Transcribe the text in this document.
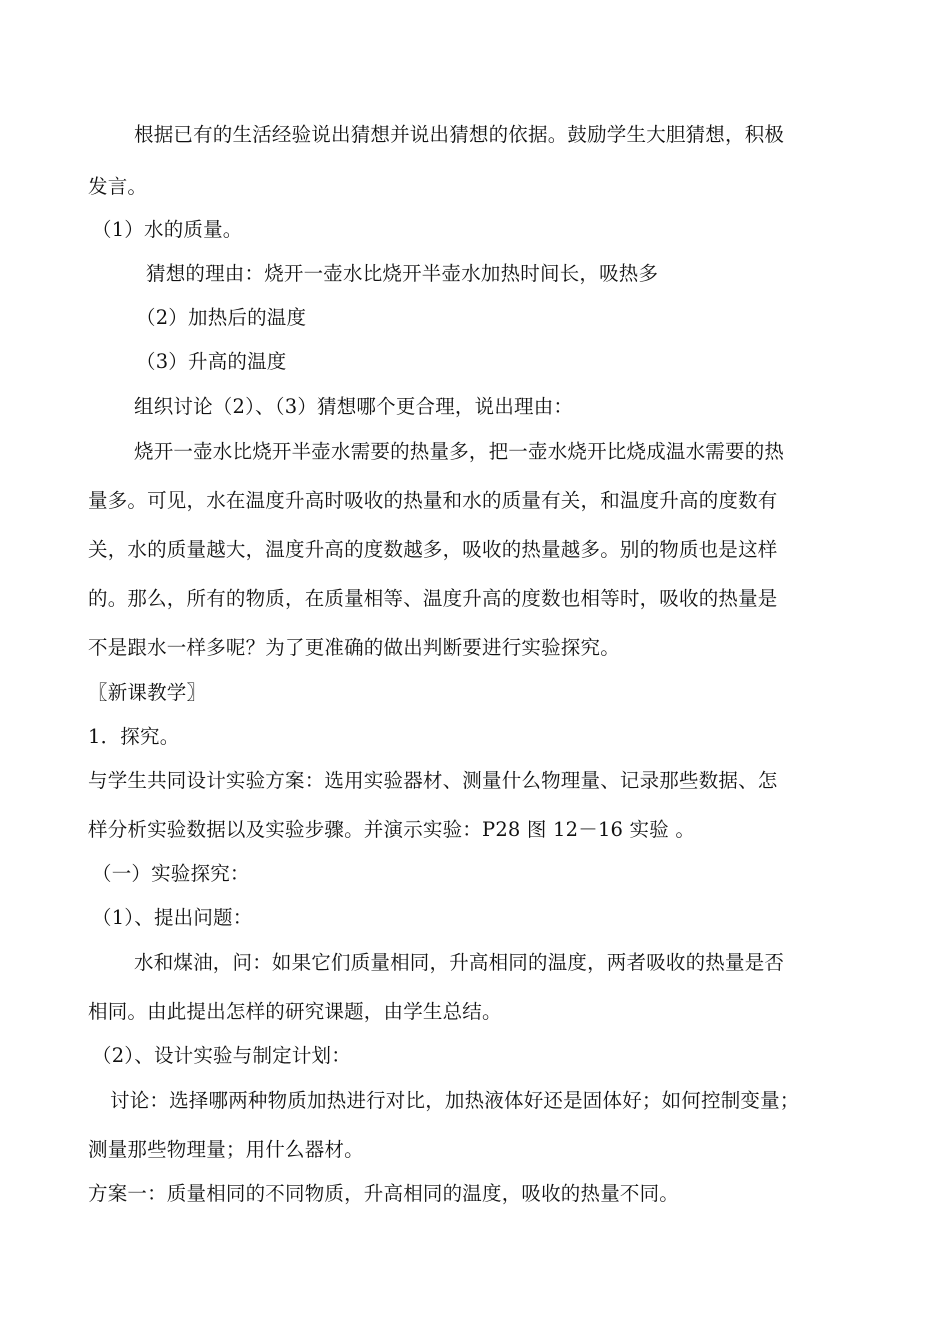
根据已有的生活经验说出猜想并说出猜想的依据。鼓励学生大胆猜想，积极
发言。
（1）水的质量。
猜想的理由：烧开一壶水比烧开半壶水加热时间长，吸热多
（2）加热后的温度
（3）升高的温度
组织讨论（2）、（3）猜想哪个更合理，说出理由：
烧开一壶水比烧开半壶水需要的热量多，把一壶水烧开比烧成温水需要的热
量多。可见，水在温度升高时吸收的热量和水的质量有关，和温度升高的度数有
关，水的质量越大，温度升高的度数越多，吸收的热量越多。别的物质也是这样
的。那么，所有的物质，在质量相等、温度升高的度数也相等时，吸收的热量是
不是跟水一样多呢？为了更准确的做出判断要进行实验探究。
〖新课教学〗
1．探究。
与学生共同设计实验方案：选用实验器材、测量什么物理量、记录那些数据、怎
样分析实验数据以及实验步骤。并演示实验：P28 图 12－16 实验 。
（一）实验探究：
（1）、提出问题：
水和煤油，问：如果它们质量相同，升高相同的温度，两者吸收的热量是否
相同。由此提出怎样的研究课题，由学生总结。
（2）、设计实验与制定计划：
讨论：选择哪两种物质加热进行对比，加热液体好还是固体好；如何控制变量；
测量那些物理量；用什么器材。
方案一：质量相同的不同物质，升高相同的温度，吸收的热量不同。
